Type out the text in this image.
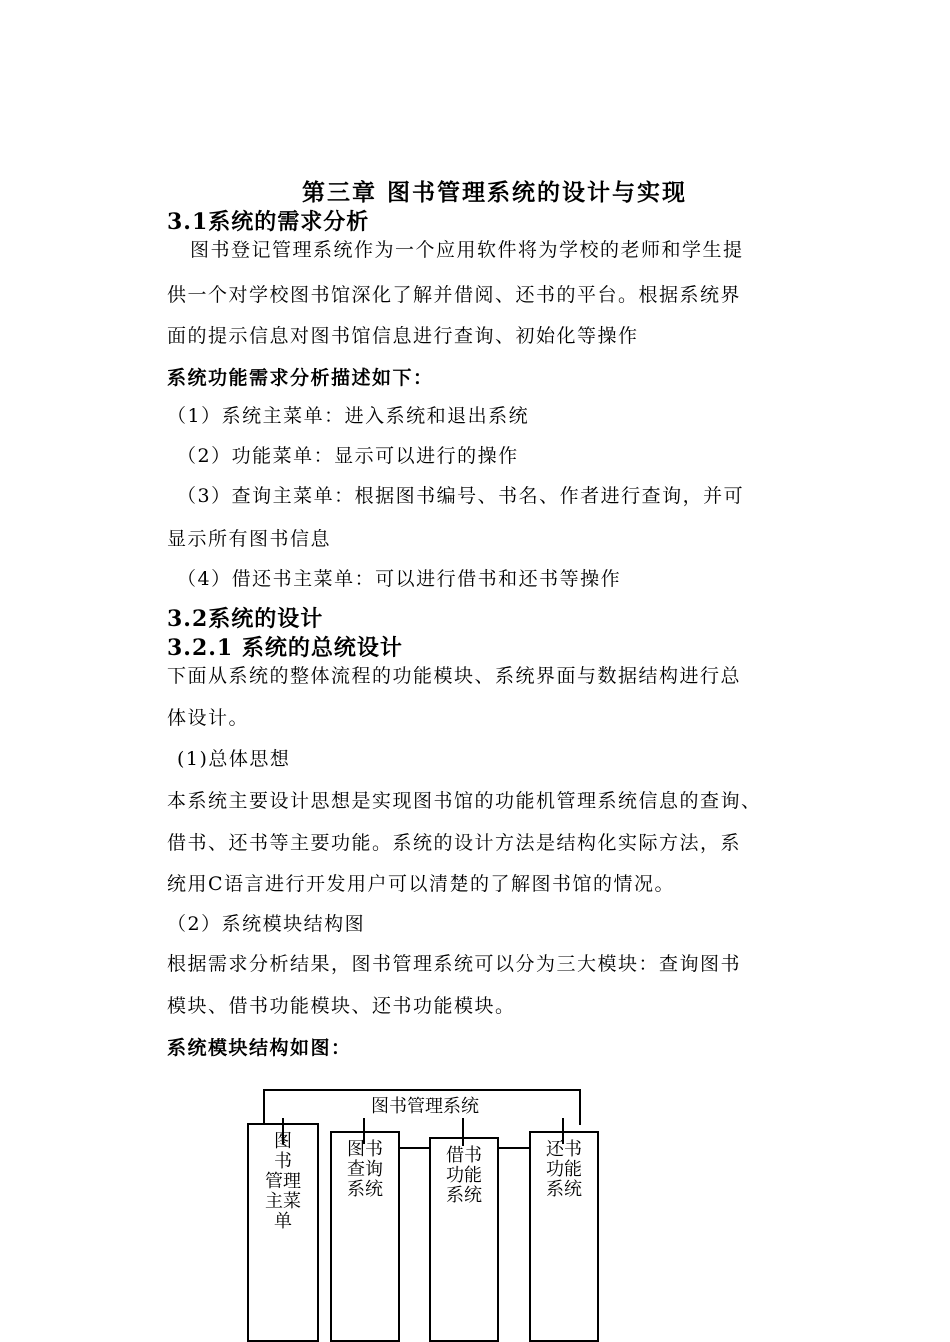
第三章 图书管理系统的设计与实现
3.1系统的需求分析
图书登记管理系统作为一个应用软件将为学校的老师和学生提
供一个对学校图书馆深化了解并借阅、还书的平台。根据系统界
面的提示信息对图书馆信息进行查询、初始化等操作
系统功能需求分析描述如下：
（1）系统主菜单：进入系统和退出系统
（2）功能菜单：显示可以进行的操作
（3）查询主菜单：根据图书编号、书名、作者进行查询，并可
显示所有图书信息
（4）借还书主菜单：可以进行借书和还书等操作
3.2系统的设计
3.2.1 系统的总统设计
下面从系统的整体流程的功能模块、系统界面与数据结构进行总
体设计。
(1)总体思想
本系统主要设计思想是实现图书馆的功能机管理系统信息的查询、
借书、还书等主要功能。系统的设计方法是结构化实际方法，系
统用C语言进行开发用户可以清楚的了解图书馆的情况。
（2）系统模块结构图
根据需求分析结果，图书管理系统可以分为三大模块：查询图书
模块、借书功能模块、还书功能模块。
系统模块结构如图：
图书管理系统
图
书
管理
主菜
单
图书
查询
系统
借书
功能
系统
还书
功能
系统
